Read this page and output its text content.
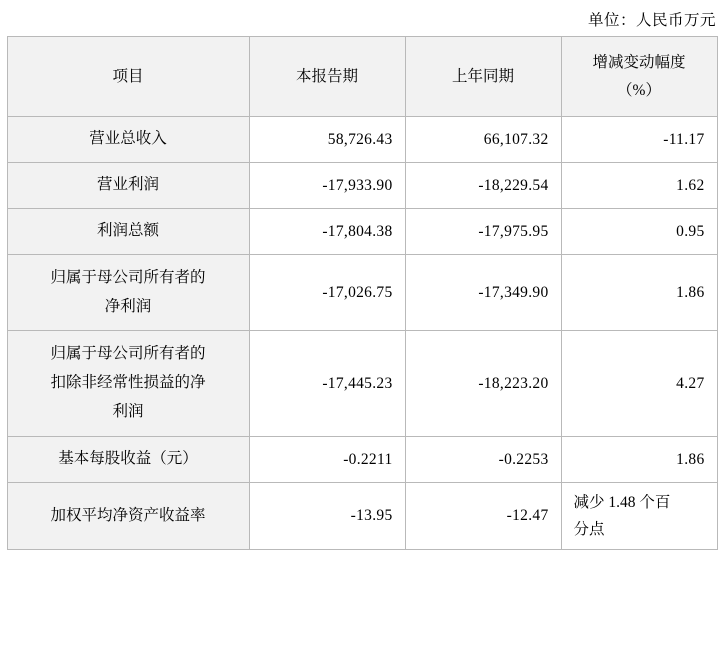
单位：人民币万元
项目	本报告期	上年同期	增减变动幅度
（%）

营业总收入	58,726.43	66,107.32	-11.17
营业利润	-17,933.90	-18,229.54	1.62
利润总额	-17,804.38	-17,975.95	0.95

归属于母公司所有者的
净利润	-17,026.75	-17,349.90	1.86

归属于母公司所有者的
扣除非经常性损益的净
利润	-17,445.23	-18,223.20	4.27
基本每股收益（元）	-0.2211	-0.2253	1.86
加权平均净资产收益率	-13.95	-12.47	减少 1.48 个百
分点
